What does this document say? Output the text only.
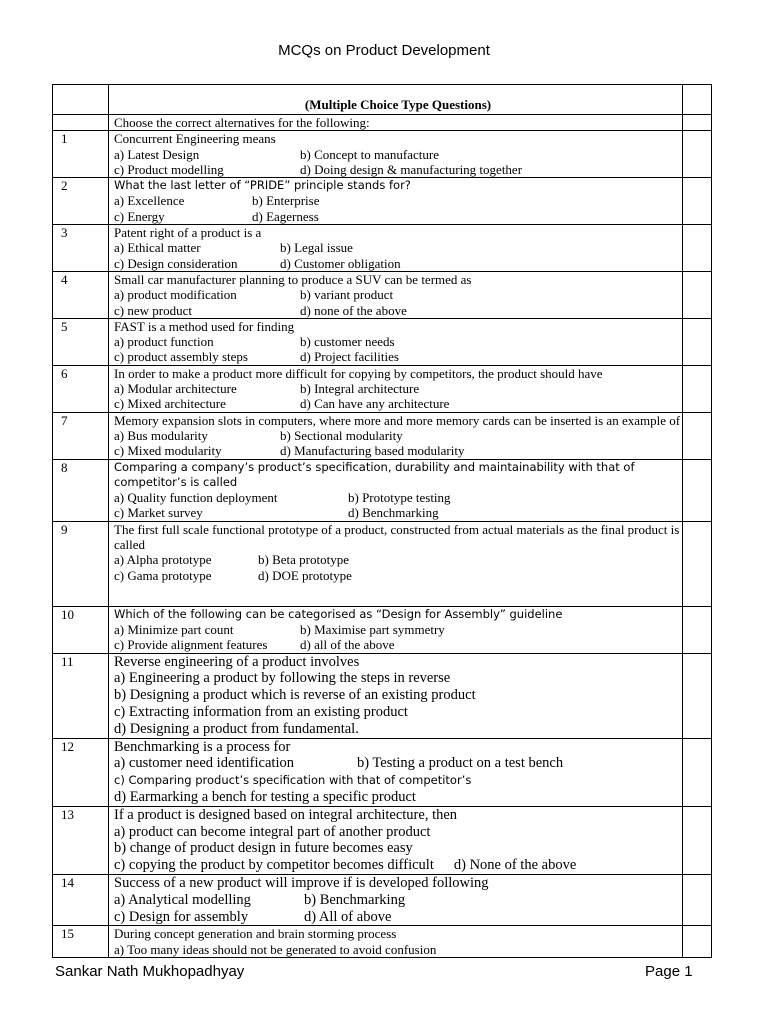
MCQs on Product Development
	(Multiple Choice Type Questions)	
	Choose the correct alternatives for the following:	
1	Concurrent Engineering means
a) Latest Design b) Concept to manufacture
c) Product modelling d) Doing design & manufacturing together	

2	What the last letter of “PRIDE” principle stands for?
a) Excellence b) Enterprise
c) Energy d) Eagerness	

3	Patent right of a product is a
a) Ethical matter b) Legal issue
c) Design consideration d) Customer obligation	

4	Small car manufacturer planning to produce a SUV can be termed as
a) product modification b) variant product
c) new product d) none of the above	

5	FAST is a method used for finding
a) product function b) customer needs
c) product assembly steps d) Project facilities	

6	In order to make a product more difficult for copying by competitors, the product should have
a) Modular architecture b) Integral architecture
c) Mixed architecture d) Can have any architecture	

7	Memory expansion slots in computers, where more and more memory cards can be inserted is an example of
a) Bus modularity b) Sectional modularity
c) Mixed modularity d) Manufacturing based modularity	

8	Comparing a company’s product’s specification, durability and maintainability with that of competitor’s is called
a) Quality function deployment b) Prototype testing
c) Market survey d) Benchmarking	

9	The first full scale functional prototype of a product, constructed from actual materials as the final product is called
a) Alpha prototype b) Beta prototype
c) Gama prototype d) DOE prototype	

10	Which of the following can be categorised as “Design for Assembly” guideline
a) Minimize part count b) Maximise part symmetry
c) Provide alignment features d) all of the above	

11	Reverse engineering of a product involves
a) Engineering a product by following the steps in reverse
b) Designing a product which is reverse of an existing product
c) Extracting information from an existing product
d) Designing a product from fundamental.	

12	Benchmarking is a process for
a) customer need identification b) Testing a product on a test bench
c) Comparing product’s specification with that of competitor’s
d) Earmarking a bench for testing a specific product	

13	If a product is designed based on integral architecture, then
a) product can become integral part of another product
b) change of product design in future becomes easy
c) copying the product by competitor becomes difficult d) None of the above	

14	Success of a new product will improve if is developed following
a) Analytical modelling b) Benchmarking
c) Design for assembly d) All of above	

15	During concept generation and brain storming process
a) Too many ideas should not be generated to avoid confusion	

Sankar Nath Mukhopadhyay	Page 1
